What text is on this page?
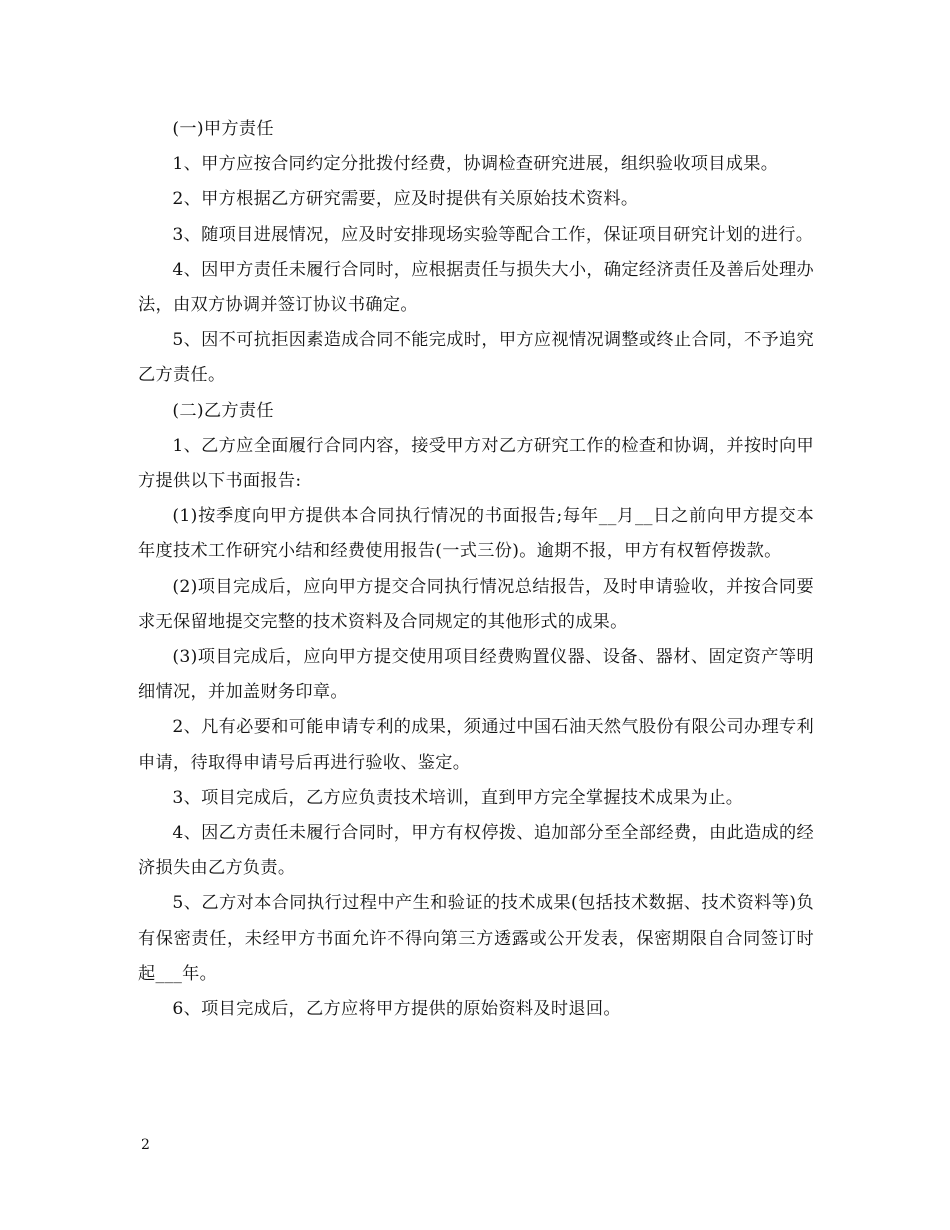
(一)甲方责任

1、甲方应按合同约定分批拨付经费，协调检查研究进展，组织验收项目成果。

2、甲方根据乙方研究需要，应及时提供有关原始技术资料。

3、随项目进展情况，应及时安排现场实验等配合工作，保证项目研究计划的进行。

4、因甲方责任未履行合同时，应根据责任与损失大小，确定经济责任及善后处理办法，由双方协调并签订协议书确定。

5、因不可抗拒因素造成合同不能完成时，甲方应视情况调整或终止合同，不予追究乙方责任。

(二)乙方责任

1、乙方应全面履行合同内容，接受甲方对乙方研究工作的检查和协调，并按时向甲方提供以下书面报告:

(1)按季度向甲方提供本合同执行情况的书面报告;每年__月__日之前向甲方提交本年度技术工作研究小结和经费使用报告(一式三份)。逾期不报，甲方有权暂停拨款。

(2)项目完成后，应向甲方提交合同执行情况总结报告，及时申请验收，并按合同要求无保留地提交完整的技术资料及合同规定的其他形式的成果。

(3)项目完成后，应向甲方提交使用项目经费购置仪器、设备、器材、固定资产等明细情况，并加盖财务印章。

2、凡有必要和可能申请专利的成果，须通过中国石油天然气股份有限公司办理专利申请，待取得申请号后再进行验收、鉴定。

3、项目完成后，乙方应负责技术培训，直到甲方完全掌握技术成果为止。

4、因乙方责任未履行合同时，甲方有权停拨、追加部分至全部经费，由此造成的经济损失由乙方负责。

5、乙方对本合同执行过程中产生和验证的技术成果(包括技术数据、技术资料等)负有保密责任，未经甲方书面允许不得向第三方透露或公开发表，保密期限自合同签订时起___年。

6、项目完成后，乙方应将甲方提供的原始资料及时退回。

2
